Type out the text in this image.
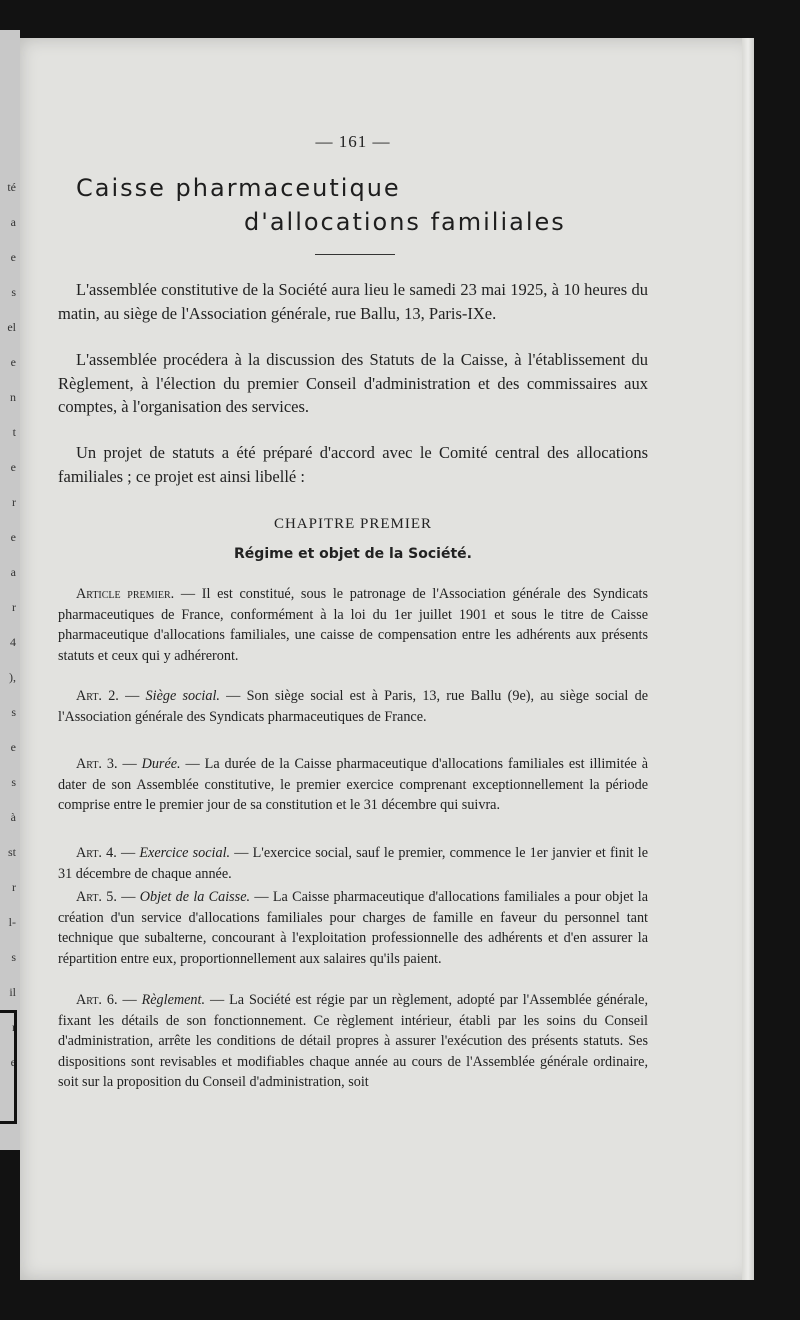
té
a
e
s
el
e
n
t
e
r
e
a
r
4
),
s
e
s
à
st
r
l-
s
il
r
e
— 161 —
Caisse pharmaceutique
d'allocations familiales
L'assemblée constitutive de la Société aura lieu le samedi 23 mai 1925, à 10 heures du matin, au siège de l'Association générale, rue Ballu, 13, Paris-IXe.
L'assemblée procédera à la discussion des Statuts de la Caisse, à l'établissement du Règlement, à l'élection du premier Conseil d'administration et des commissaires aux comptes, à l'organisation des services.
Un projet de statuts a été préparé d'accord avec le Comité central des allocations familiales ; ce projet est ainsi libellé :
CHAPITRE PREMIER
Régime et objet de la Société.
Article premier. — Il est constitué, sous le patronage de l'Association générale des Syndicats pharmaceutiques de France, conformément à la loi du 1er juillet 1901 et sous le titre de Caisse pharmaceutique d'allocations familiales, une caisse de compensation entre les adhérents aux présents statuts et ceux qui y adhéreront.
Art. 2. — Siège social. — Son siège social est à Paris, 13, rue Ballu (9e), au siège social de l'Association générale des Syndicats pharmaceutiques de France.
Art. 3. — Durée. — La durée de la Caisse pharmaceutique d'allocations familiales est illimitée à dater de son Assemblée constitutive, le premier exercice comprenant exceptionnellement la période comprise entre le premier jour de sa constitution et le 31 décembre qui suivra.
Art. 4. — Exercice social. — L'exercice social, sauf le premier, commence le 1er janvier et finit le 31 décembre de chaque année.
Art. 5. — Objet de la Caisse. — La Caisse pharmaceutique d'allocations familiales a pour objet la création d'un service d'allocations familiales pour charges de famille en faveur du personnel tant technique que subalterne, concourant à l'exploitation professionnelle des adhérents et d'en assurer la répartition entre eux, proportionnellement aux salaires qu'ils paient.
Art. 6. — Règlement. — La Société est régie par un règlement, adopté par l'Assemblée générale, fixant les détails de son fonctionnement. Ce règlement intérieur, établi par les soins du Conseil d'administration, arrête les conditions de détail propres à assurer l'exécution des présents statuts. Ses dispositions sont revisables et modifiables chaque année au cours de l'Assemblée générale ordinaire, soit sur la proposition du Conseil d'administration, soit
